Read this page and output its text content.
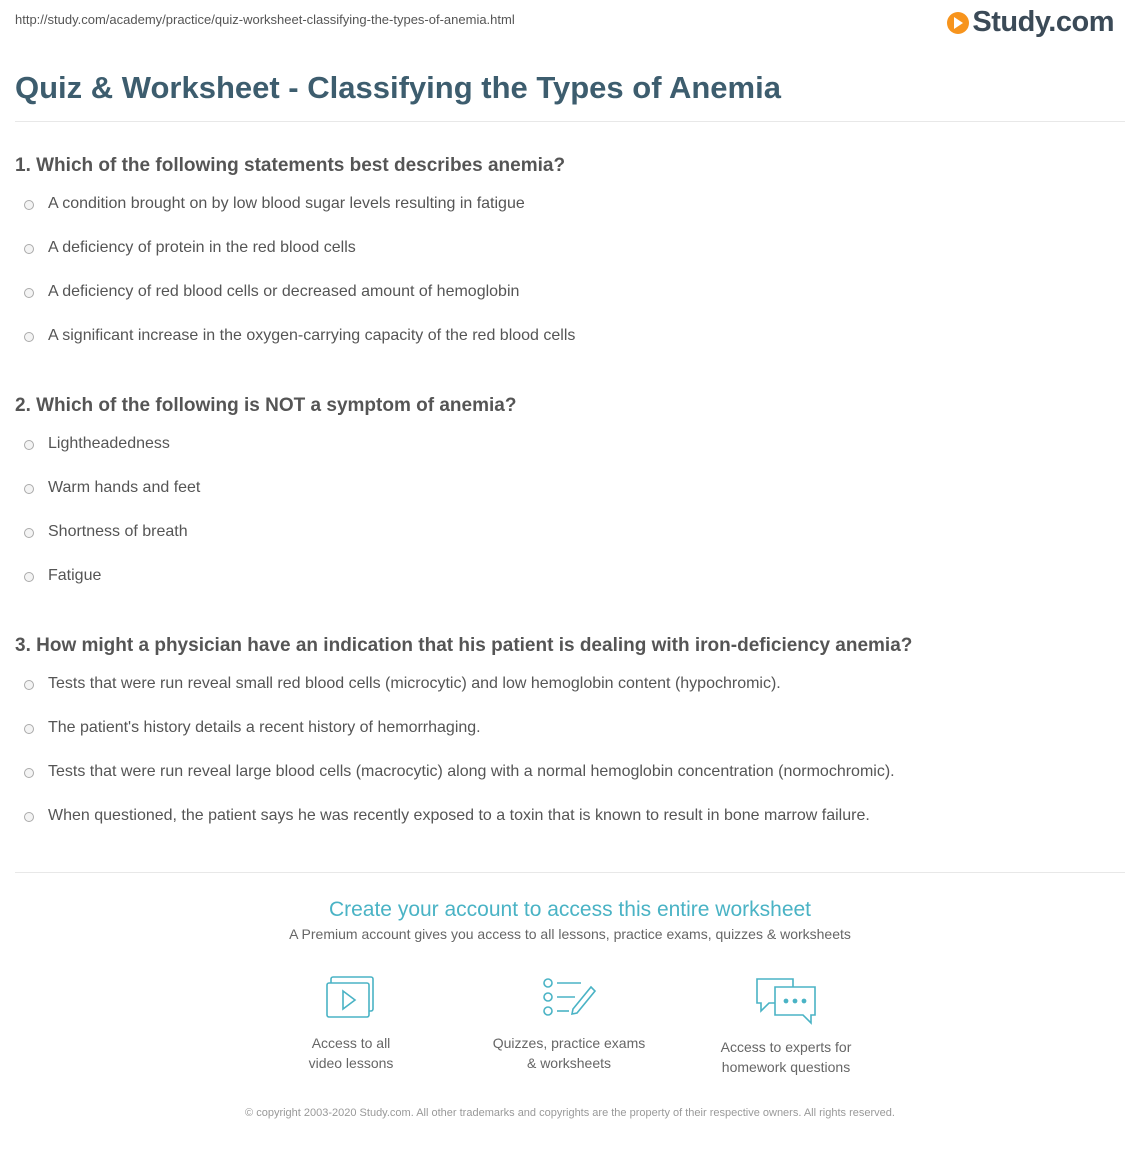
http://study.com/academy/practice/quiz-worksheet-classifying-the-types-of-anemia.html	Study.com
Quiz & Worksheet - Classifying the Types of Anemia
1. Which of the following statements best describes anemia?
A condition brought on by low blood sugar levels resulting in fatigue
A deficiency of protein in the red blood cells
A deficiency of red blood cells or decreased amount of hemoglobin
A significant increase in the oxygen-carrying capacity of the red blood cells
2. Which of the following is NOT a symptom of anemia?
Lightheadedness
Warm hands and feet
Shortness of breath
Fatigue
3. How might a physician have an indication that his patient is dealing with iron-deficiency anemia?
Tests that were run reveal small red blood cells (microcytic) and low hemoglobin content (hypochromic).
The patient's history details a recent history of hemorrhaging.
Tests that were run reveal large blood cells (macrocytic) along with a normal hemoglobin concentration (normochromic).
When questioned, the patient says he was recently exposed to a toxin that is known to result in bone marrow failure.

Create your account to access this entire worksheet

A Premium account gives you access to all lessons, practice exams, quizzes & worksheets
Access to all
video lessons
Quizzes, practice exams
& worksheets
Access to experts for
homework questions
© copyright 2003-2020 Study.com. All other trademarks and copyrights are the property of their respective owners. All rights reserved.
